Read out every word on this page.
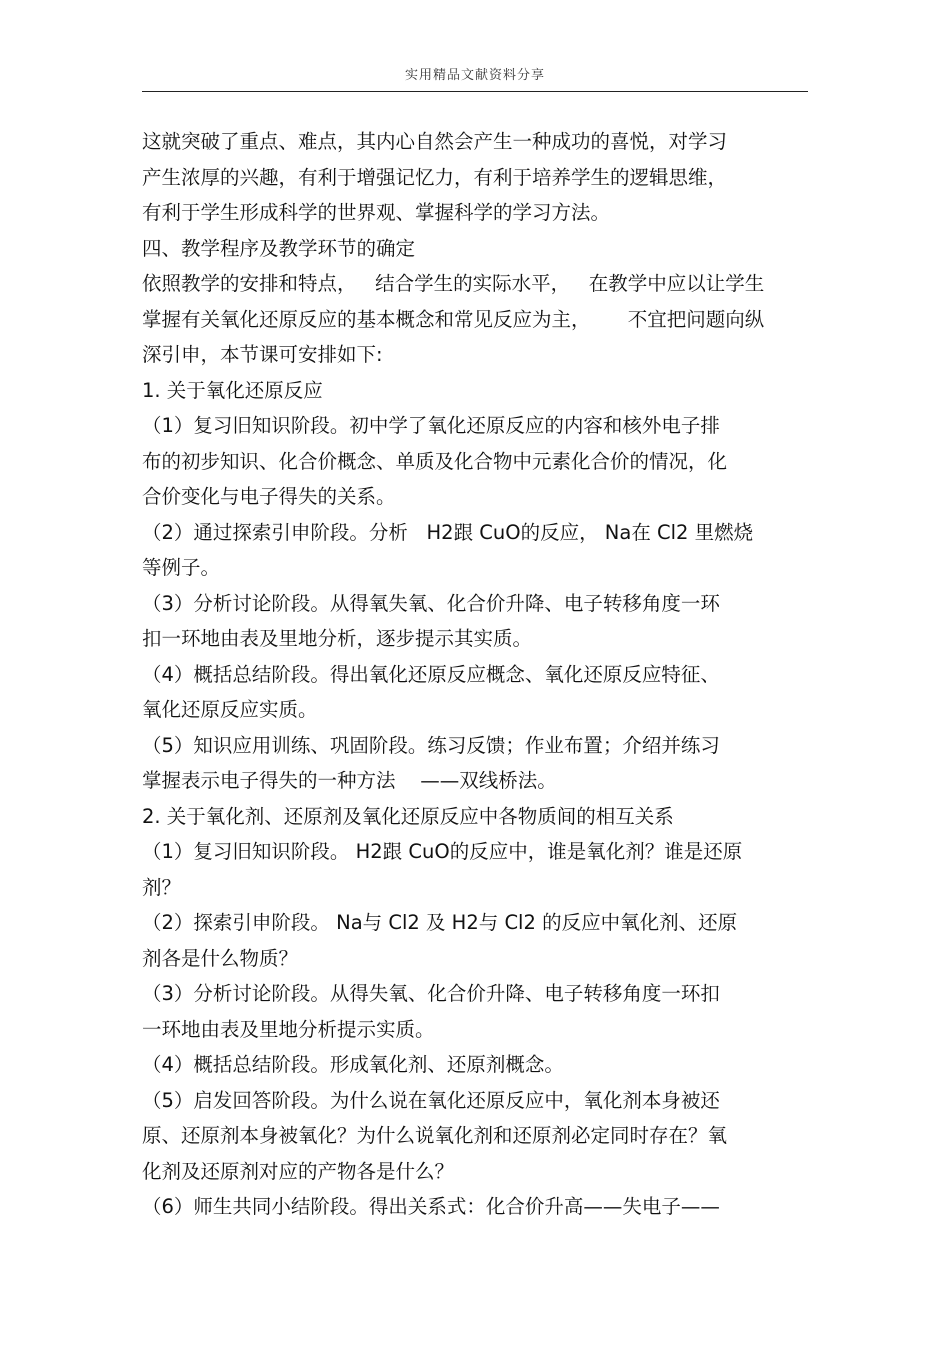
实用精品文献资料分享
这就突破了重点、难点，其内心自然会产生一种成功的喜悦，对学习
产生浓厚的兴趣，有利于增强记忆力，有利于培养学生的逻辑思维，
有利于学生形成科学的世界观、掌握科学的学习方法。
四、教学程序及教学环节的确定
依照教学的安排和特点，   结合学生的实际水平，   在教学中应以让学生
掌握有关氧化还原反应的基本概念和常见反应为主，      不宜把问题向纵
深引申，本节课可安排如下:
1. 关于氧化还原反应
（1）复习旧知识阶段。初中学了氧化还原反应的内容和核外电子排
布的初步知识、化合价概念、单质及化合物中元素化合价的情况，化
合价变化与电子得失的关系。
（2）通过探索引申阶段。分析   H2跟 CuO的反应， Na在 Cl2 里燃烧
等例子。
（3）分析讨论阶段。从得氧失氧、化合价升降、电子转移角度一环
扣一环地由表及里地分析，逐步提示其实质。
（4）概括总结阶段。得出氧化还原反应概念、氧化还原反应特征、
氧化还原反应实质。
（5）知识应用训练、巩固阶段。练习反馈；作业布置；介绍并练习
掌握表示电子得失的一种方法    ——双线桥法。
2. 关于氧化剂、还原剂及氧化还原反应中各物质间的相互关系
（1）复习旧知识阶段。 H2跟 CuO的反应中，谁是氧化剂？谁是还原
剂？
（2）探索引申阶段。 Na与 Cl2 及 H2与 Cl2 的反应中氧化剂、还原
剂各是什么物质？
（3）分析讨论阶段。从得失氧、化合价升降、电子转移角度一环扣
一环地由表及里地分析提示实质。
（4）概括总结阶段。形成氧化剂、还原剂概念。
（5）启发回答阶段。为什么说在氧化还原反应中，氧化剂本身被还
原、还原剂本身被氧化？为什么说氧化剂和还原剂必定同时存在？氧
化剂及还原剂对应的产物各是什么？
（6）师生共同小结阶段。得出关系式：化合价升高——失电子——
